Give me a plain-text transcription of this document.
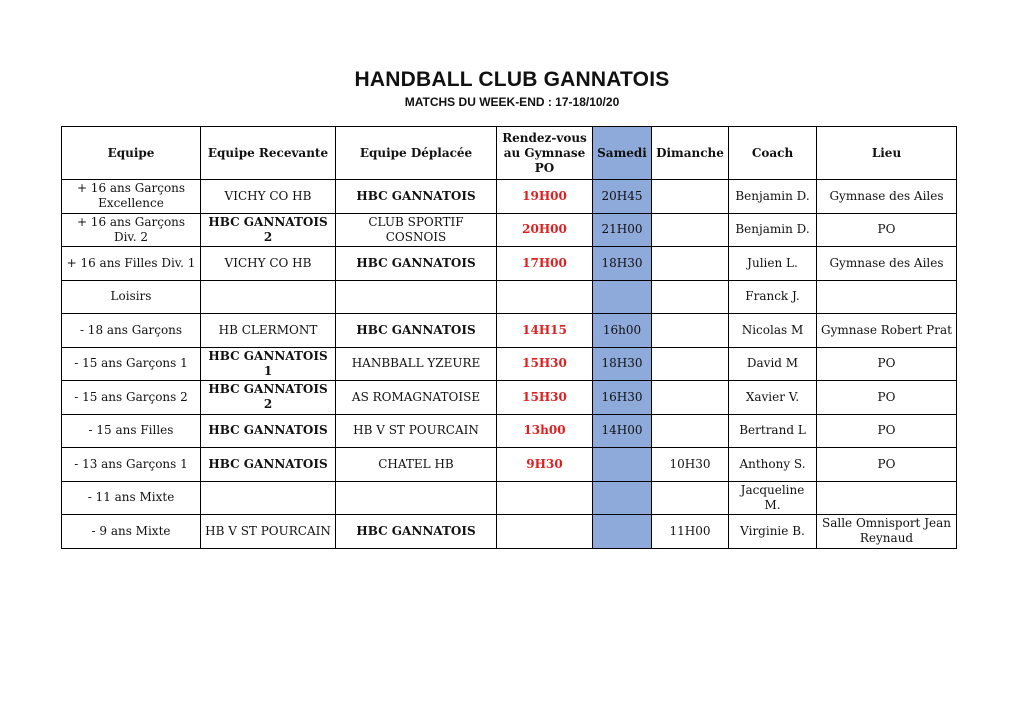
HANDBALL CLUB GANNATOIS
MATCHS DU WEEK-END : 17-18/10/20
Equipe	Equipe Recevante	Equipe Déplacée	Rendez-vous au Gymnase PO	Samedi	Dimanche	Coach	Lieu
+ 16 ans Garçons Excellence	VICHY CO HB	HBC GANNATOIS	19H00	20H45		Benjamin D.	Gymnase des Ailes
+ 16 ans Garçons Div. 2	HBC GANNATOIS 2	CLUB SPORTIF COSNOIS	20H00	21H00		Benjamin D.	PO
+ 16 ans Filles Div. 1	VICHY CO HB	HBC GANNATOIS	17H00	18H30		Julien L.	Gymnase des Ailes
Loisirs						Franck J.	
- 18 ans Garçons	HB CLERMONT	HBC GANNATOIS	14H15	16h00		Nicolas M	Gymnase Robert Prat
- 15 ans Garçons 1	HBC GANNATOIS 1	HANBBALL YZEURE	15H30	18H30		David M	PO
- 15 ans Garçons 2	HBC GANNATOIS 2	AS ROMAGNATOISE	15H30	16H30		Xavier V.	PO
- 15 ans Filles	HBC GANNATOIS	HB V ST POURCAIN	13h00	14H00		Bertrand L	PO
- 13 ans Garçons 1	HBC GANNATOIS	CHATEL HB	9H30		10H30	Anthony S.	PO
- 11 ans Mixte						Jacqueline M.	
- 9 ans Mixte	HB V ST POURCAIN	HBC GANNATOIS			11H00	Virginie B.	Salle Omnisport Jean Reynaud
